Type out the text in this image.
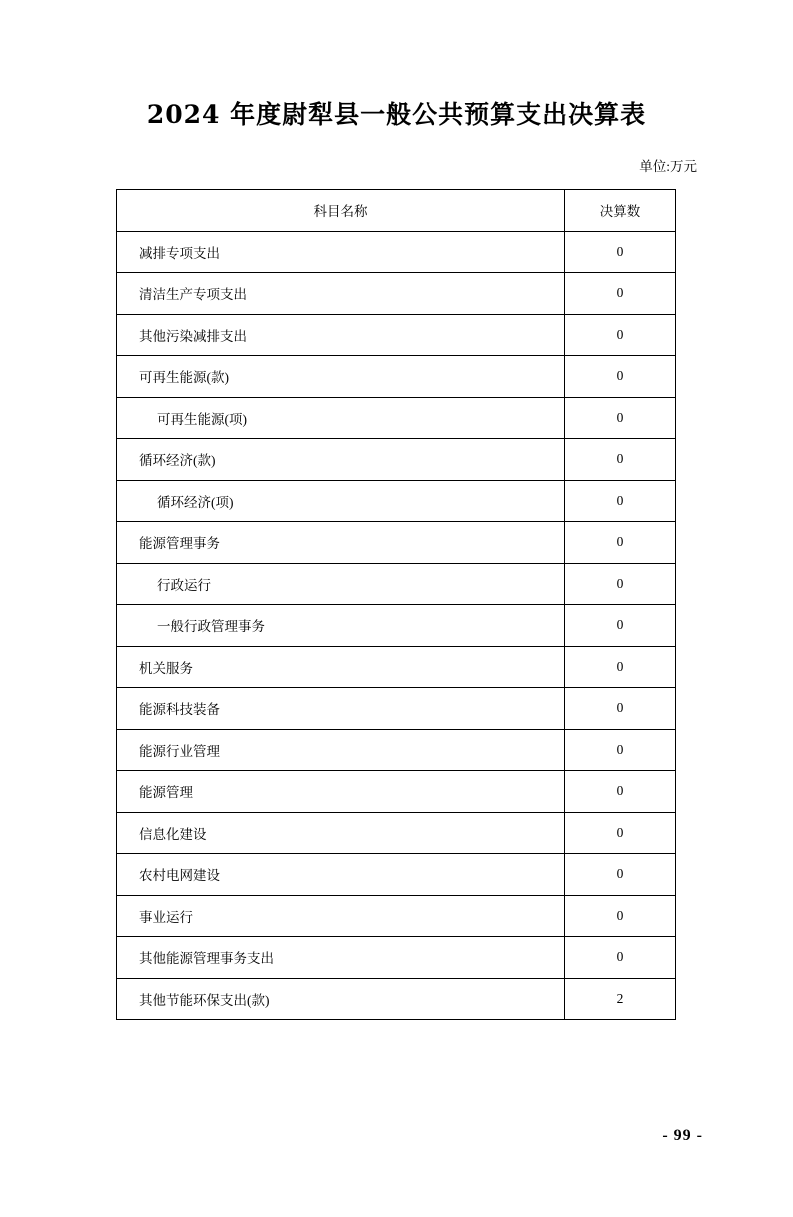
2024 年度尉犁县一般公共预算支出决算表
单位:万元
科目名称	决算数
减排专项支出	0
清洁生产专项支出	0
其他污染减排支出	0
可再生能源(款)	0
可再生能源(项)	0
循环经济(款)	0
循环经济(项)	0
能源管理事务	0
行政运行	0
一般行政管理事务	0
机关服务	0
能源科技装备	0
能源行业管理	0
能源管理	0
信息化建设	0
农村电网建设	0
事业运行	0
其他能源管理事务支出	0
其他节能环保支出(款)	2
- 99 -
